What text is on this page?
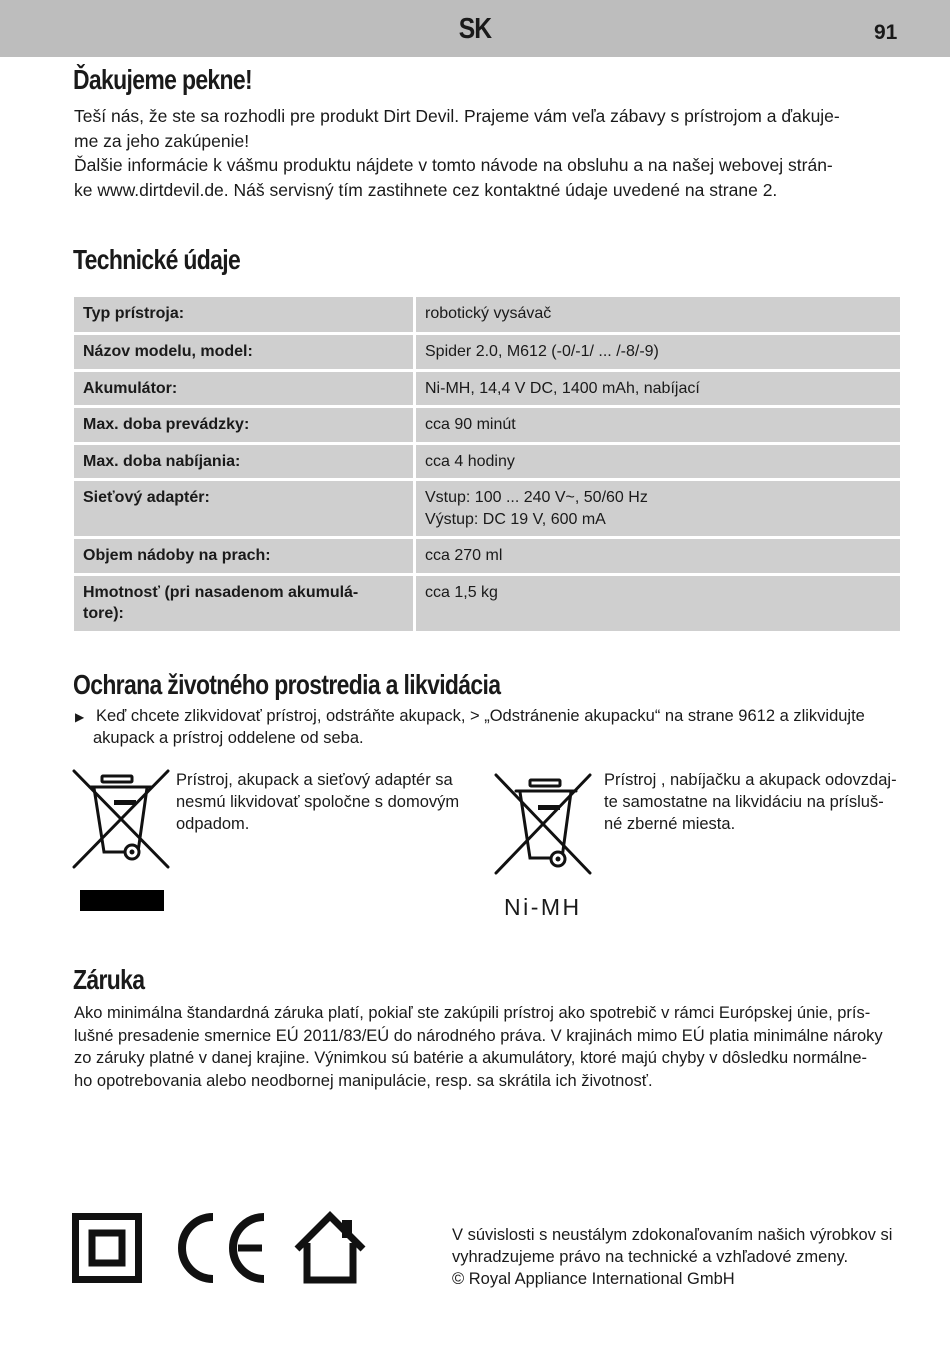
SK	91
Ďakujeme pekne!
Teší nás, že ste sa rozhodli pre produkt Dirt Devil. Prajeme vám veľa zábavy s prístrojom a ďakuje-
me za jeho zakúpenie!
Ďalšie informácie k vášmu produktu nájdete v tomto návode na obsluhu a na našej webovej strán-
ke www.dirtdevil.de. Náš servisný tím zastihnete cez kontaktné údaje uvedené na strane 2.
Technické údaje
Typ prístroja:	robotický vysávač

Názov modelu, model:	Spider 2.0, M612 (-0/-1/ ... /-8/-9)

Akumulátor:	Ni-MH, 14,4 V DC, 1400 mAh, nabíjací

Max. doba prevádzky:	cca 90 minút

Max. doba nabíjania:	cca 4 hodiny

Sieťový adaptér:	Vstup: 100 ... 240 V~, 50/60 Hz
Výstup: DC 19 V, 600 mA

Objem nádoby na prach:	cca 270 ml

Hmotnosť (pri nasadenom akumulá-
tore):	cca 1,5 kg
Ochrana životného prostredia a likvidácia
▶ Keď chcete zlikvidovať prístroj, odstráňte akupack, > „Odstránenie akupacku“ na strane 9612 a zlikvidujte
akupack a prístroj oddelene od seba.
Prístroj, akupack a sieťový adaptér sa
nesmú likvidovať spoločne s domovým
odpadom.
Ni-MH
Prístroj , nabíjačku a akupack odovzdaj-
te samostatne na likvidáciu na prísluš-
né zberné miesta.
Záruka
Ako minimálna štandardná záruka platí, pokiaľ ste zakúpili prístroj ako spotrebič v rámci Európskej únie, prís-
lušné presadenie smernice EÚ 2011/83/EÚ do národného práva. V krajinách mimo EÚ platia minimálne nároky
zo záruky platné v danej krajine. Výnimkou sú batérie a akumulátory, ktoré majú chyby v dôsledku normálne-
ho opotrebovania alebo neodbornej manipulácie, resp. sa skrátila ich životnosť.
V súvislosti s neustálym zdokonaľovaním našich výrobkov si
vyhradzujeme právo na technické a vzhľadové zmeny.
© Royal Appliance International GmbH
